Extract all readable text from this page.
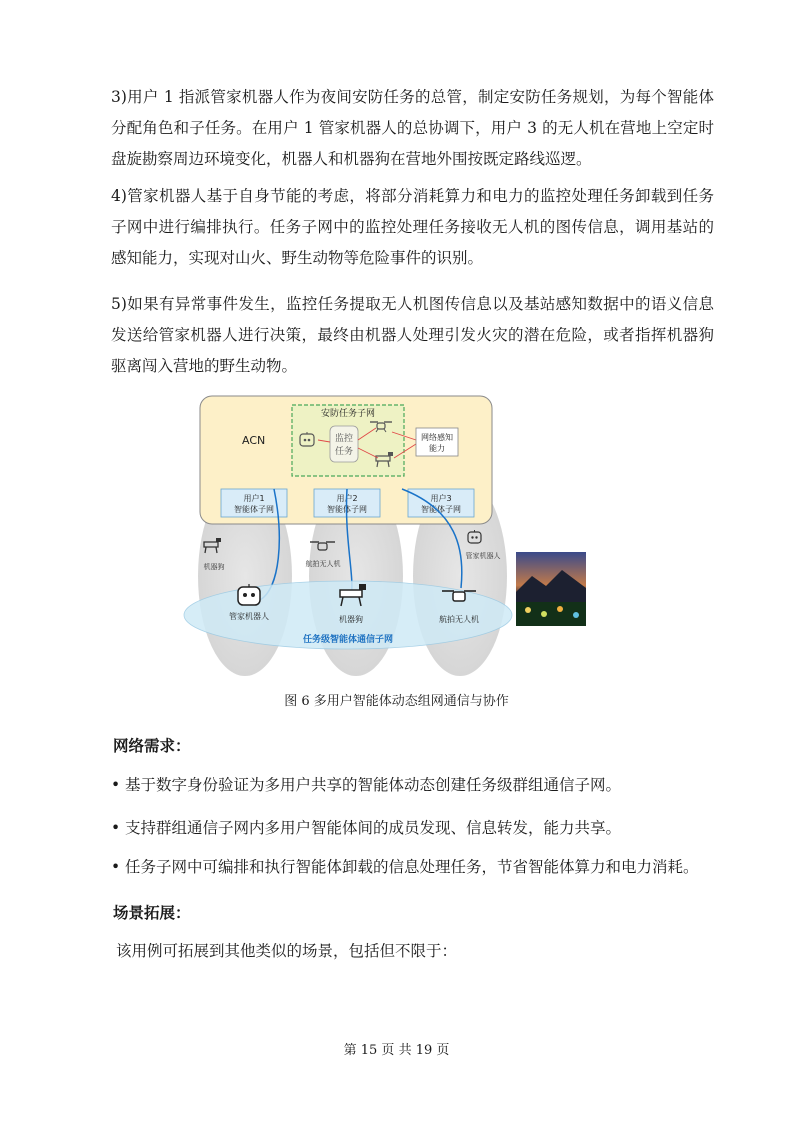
3)用户 1 指派管家机器人作为夜间安防任务的总管，制定安防任务规划，为每个智能体分配角色和子任务。在用户 1 管家机器人的总协调下，用户 3 的无人机在营地上空定时盘旋勘察周边环境变化，机器人和机器狗在营地外围按既定路线巡逻。

4)管家机器人基于自身节能的考虑，将部分消耗算力和电力的监控处理任务卸载到任务子网中进行编排执行。任务子网中的监控处理任务接收无人机的图传信息，调用基站的感知能力，实现对山火、野生动物等危险事件的识别。

5)如果有异常事件发生，监控任务提取无人机图传信息以及基站感知数据中的语义信息发送给管家机器人进行决策，最终由机器人处理引发火灾的潜在危险，或者指挥机器狗驱离闯入营地的野生动物。

ACN
安防任务子网
监控
任务
网络感知
能力
用户1
智能体子网
用户2
智能体子网
用户3
智能体子网
任务级智能体通信子网
机器狗	航拍无人机
管家机器人
管家机器人	机器狗	航拍无人机
图 6 多用户智能体动态组网通信与协作
网络需求：
• 基于数字身份验证为多用户共享的智能体动态创建任务级群组通信子网。
• 支持群组通信子网内多用户智能体间的成员发现、信息转发，能力共享。
• 任务子网中可编排和执行智能体卸载的信息处理任务，节省智能体算力和电力消耗。
场景拓展：
该用例可拓展到其他类似的场景，包括但不限于：
第 15 页 共 19 页
